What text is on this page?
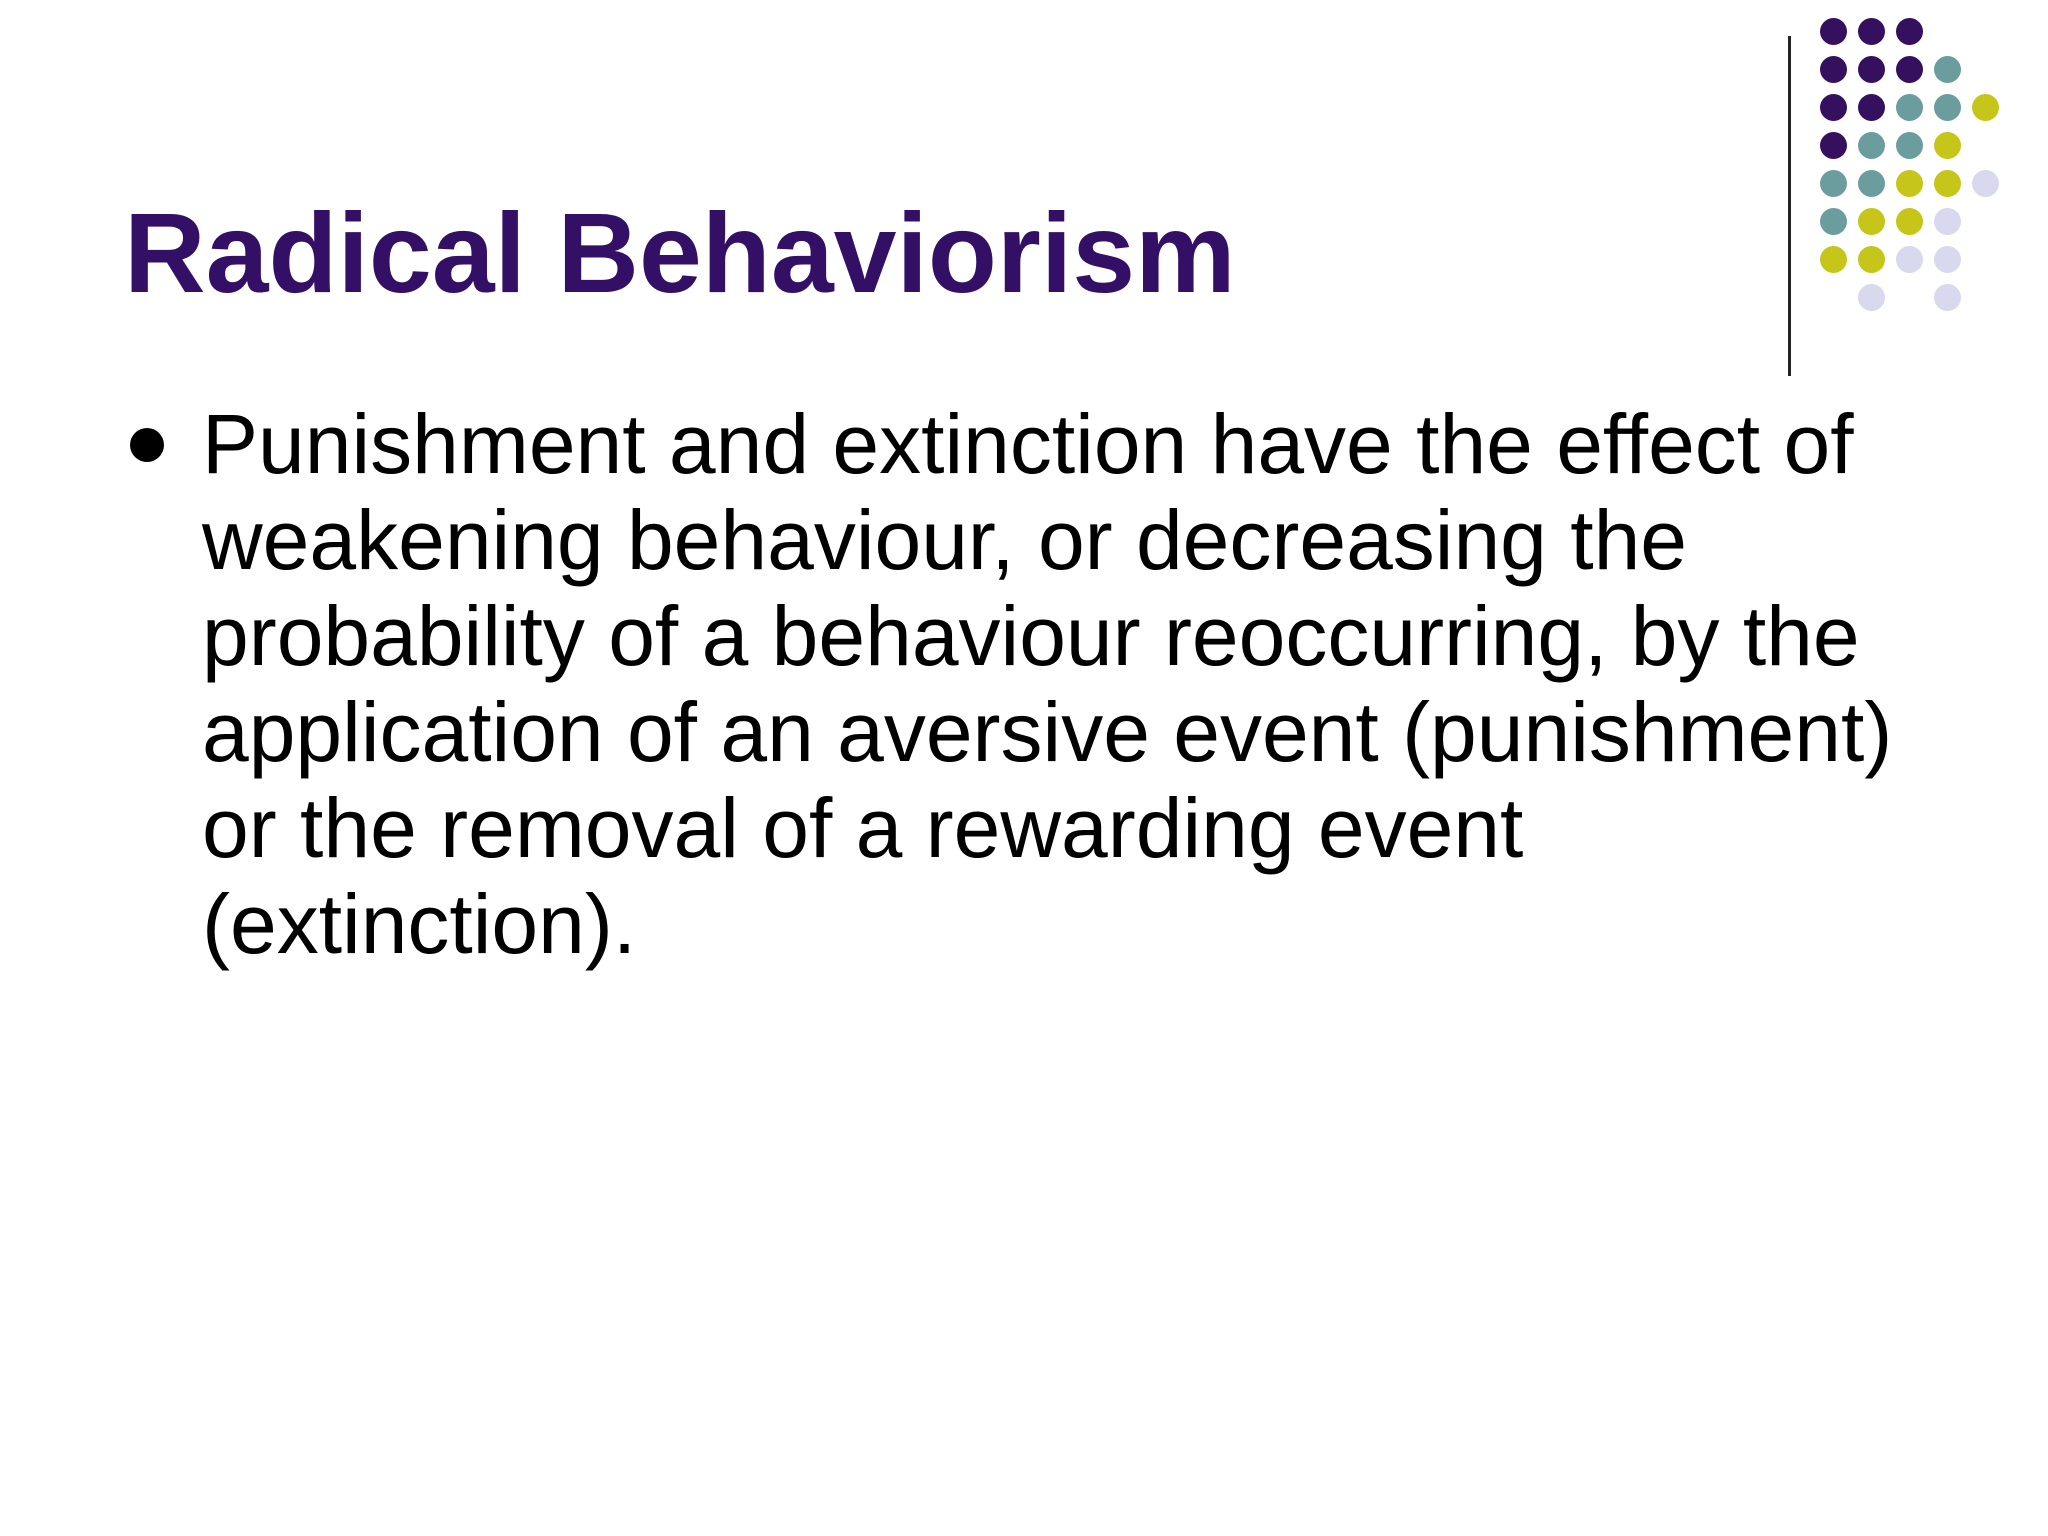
Radical Behaviorism
Punishment and extinction have the effect of weakening behaviour, or decreasing the probability of a behaviour reoccurring, by the application of an aversive event (punishment) or the removal of a rewarding event (extinction).
